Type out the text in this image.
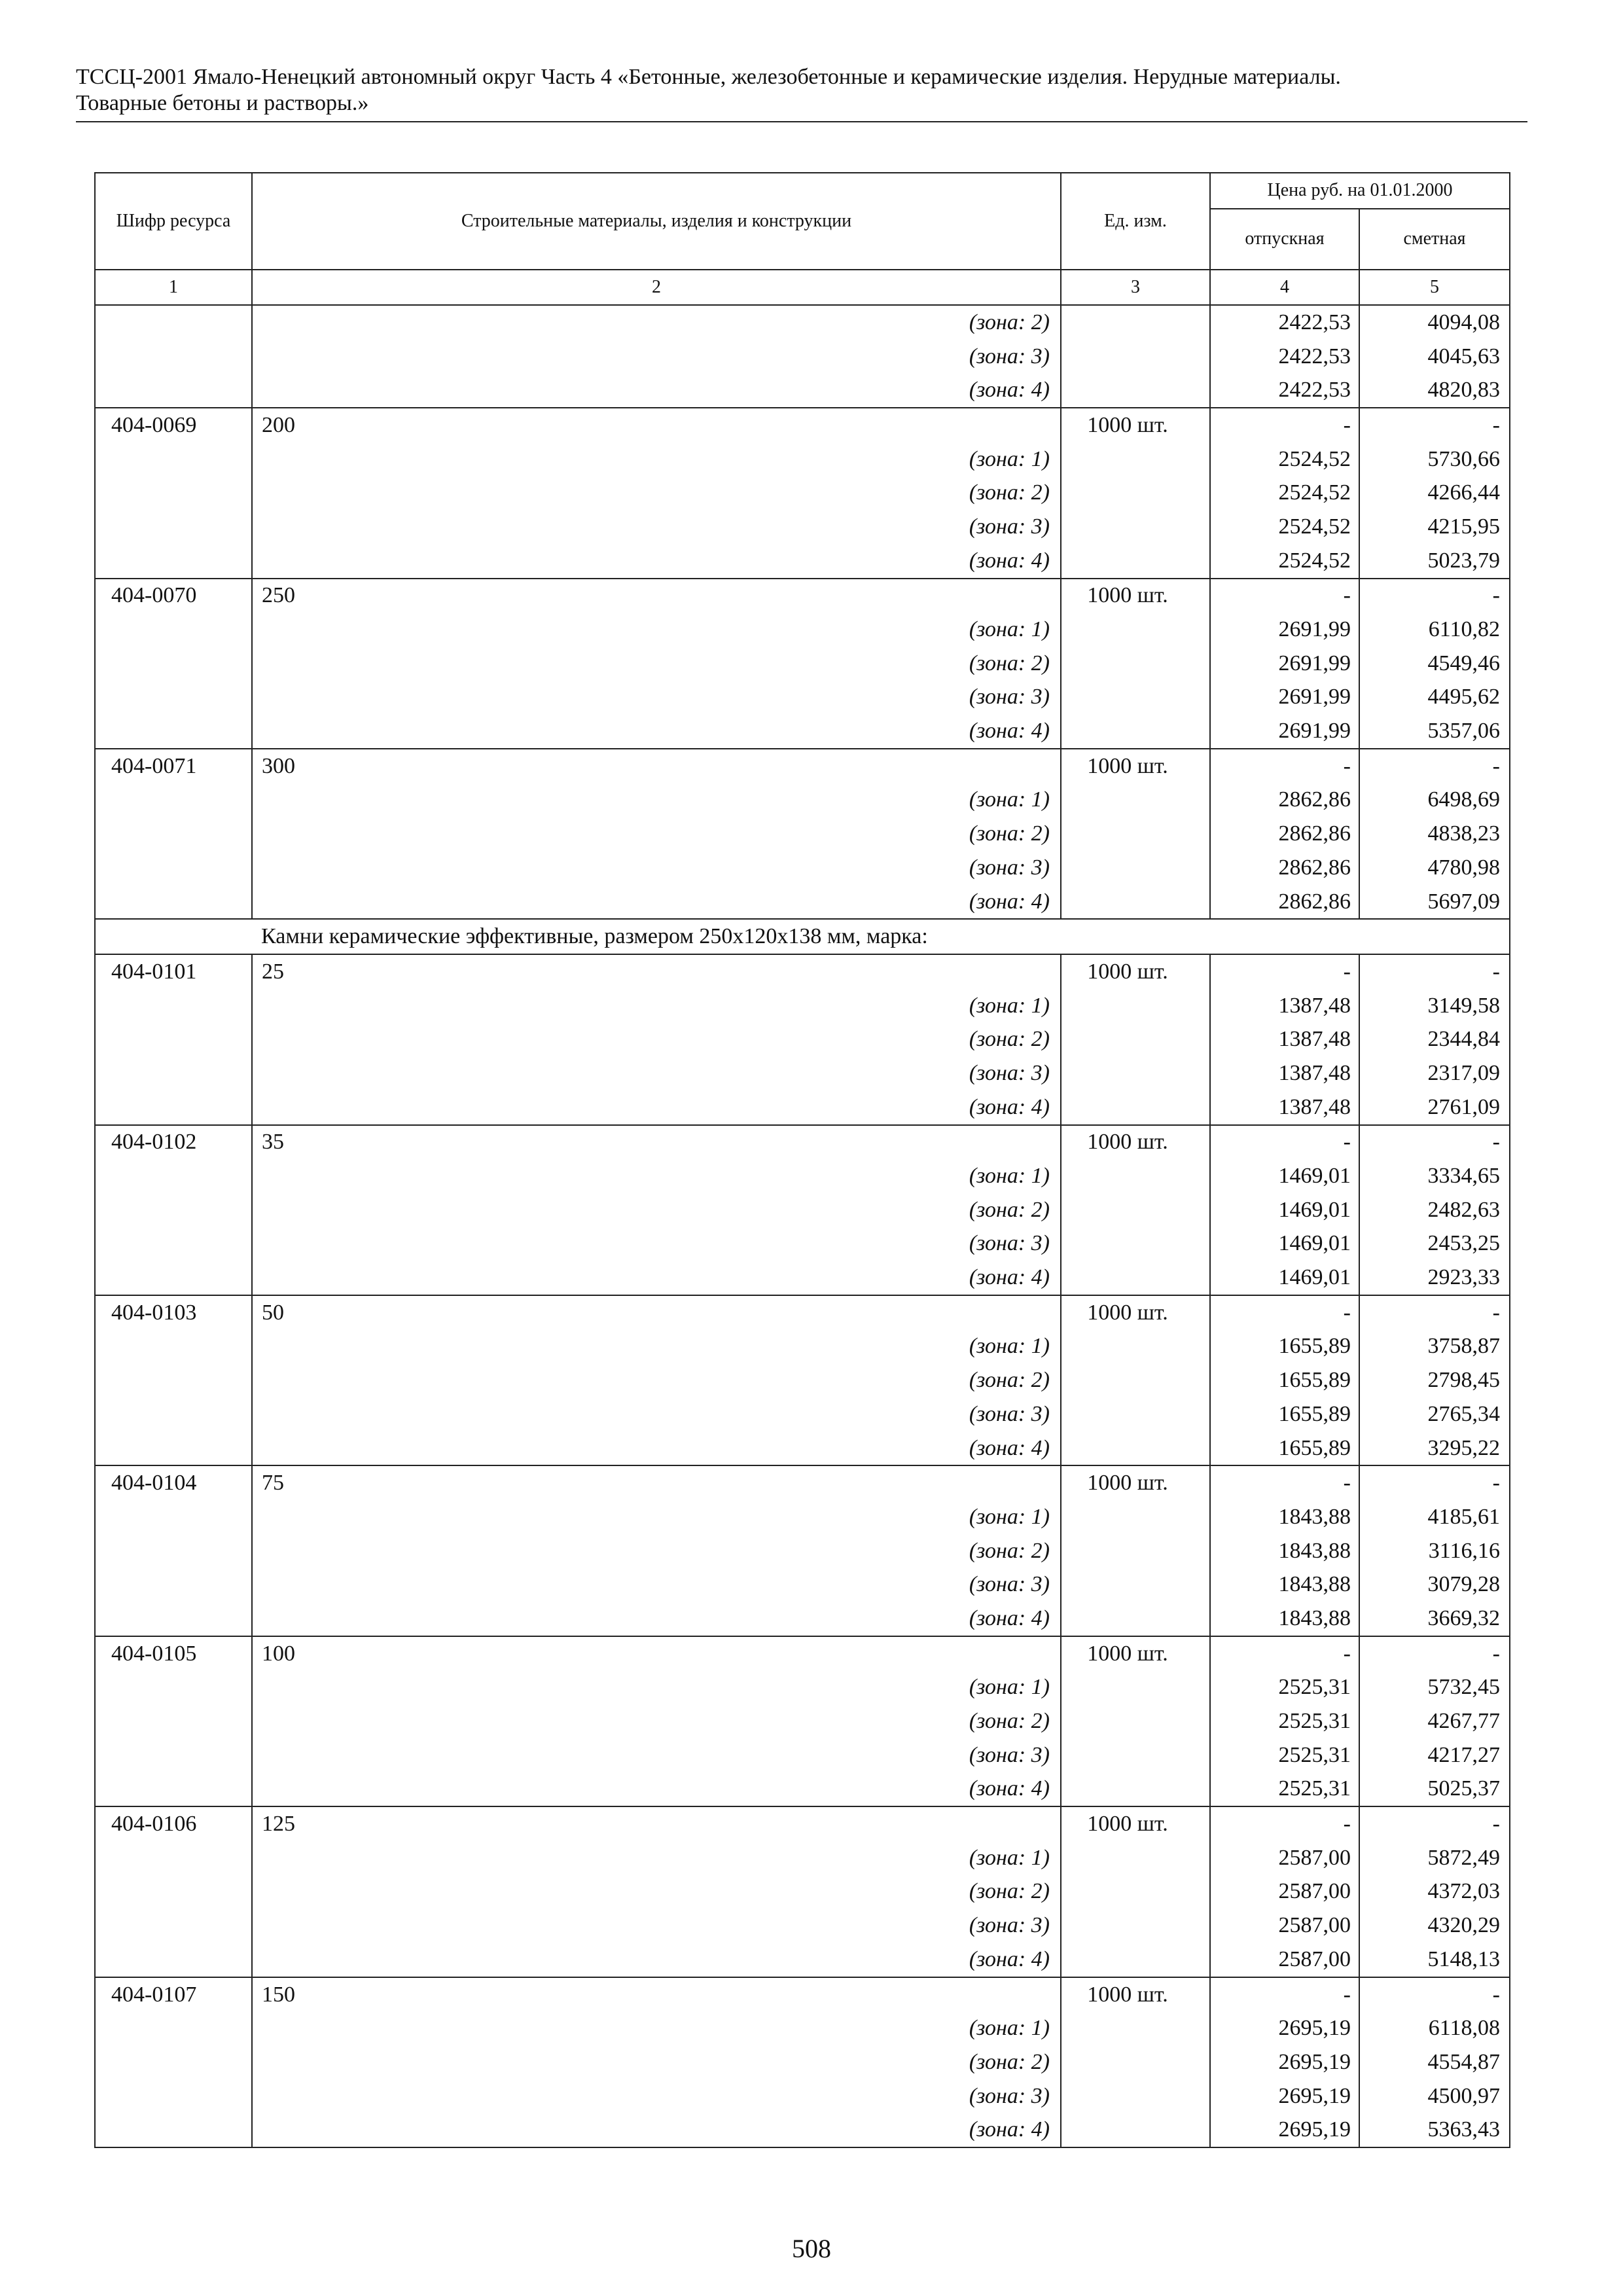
ТССЦ-2001 Ямало-Ненецкий автономный округ Часть 4 «Бетонные, железобетонные и керамические изделия. Нерудные материалы.
Товарные бетоны и растворы.»
Шифр ресурса	Строительные материалы, изделия и конструкции	Ед. изм.	Цена руб. на 01.01.2000	
			отпускная	сметная
1	2	3	4	5
	(зона: 2)		2422,53	4094,08
	(зона: 3)		2422,53	4045,63
	(зона: 4)		2422,53	4820,83
404-0069	200	1000 шт.	-	-
	(зона: 1)		2524,52	5730,66
	(зона: 2)		2524,52	4266,44
	(зона: 3)		2524,52	4215,95
	(зона: 4)		2524,52	5023,79
404-0070	250	1000 шт.	-	-
	(зона: 1)		2691,99	6110,82
	(зона: 2)		2691,99	4549,46
	(зона: 3)		2691,99	4495,62
	(зона: 4)		2691,99	5357,06
404-0071	300	1000 шт.	-	-
	(зона: 1)		2862,86	6498,69
	(зона: 2)		2862,86	4838,23
	(зона: 3)		2862,86	4780,98
	(зона: 4)		2862,86	5697,09
	Камни керамические эффективные, размером 250х120х138 мм, марка:			
404-0101	25	1000 шт.	-	-
	(зона: 1)		1387,48	3149,58
	(зона: 2)		1387,48	2344,84
	(зона: 3)		1387,48	2317,09
	(зона: 4)		1387,48	2761,09
404-0102	35	1000 шт.	-	-
	(зона: 1)		1469,01	3334,65
	(зона: 2)		1469,01	2482,63
	(зона: 3)		1469,01	2453,25
	(зона: 4)		1469,01	2923,33
404-0103	50	1000 шт.	-	-
	(зона: 1)		1655,89	3758,87
	(зона: 2)		1655,89	2798,45
	(зона: 3)		1655,89	2765,34
	(зона: 4)		1655,89	3295,22
404-0104	75	1000 шт.	-	-
	(зона: 1)		1843,88	4185,61
	(зона: 2)		1843,88	3116,16
	(зона: 3)		1843,88	3079,28
	(зона: 4)		1843,88	3669,32
404-0105	100	1000 шт.	-	-
	(зона: 1)		2525,31	5732,45
	(зона: 2)		2525,31	4267,77
	(зона: 3)		2525,31	4217,27
	(зона: 4)		2525,31	5025,37
404-0106	125	1000 шт.	-	-
	(зона: 1)		2587,00	5872,49
	(зона: 2)		2587,00	4372,03
	(зона: 3)		2587,00	4320,29
	(зона: 4)		2587,00	5148,13
404-0107	150	1000 шт.	-	-
	(зона: 1)		2695,19	6118,08
	(зона: 2)		2695,19	4554,87
	(зона: 3)		2695,19	4500,97
	(зона: 4)		2695,19	5363,43
508
